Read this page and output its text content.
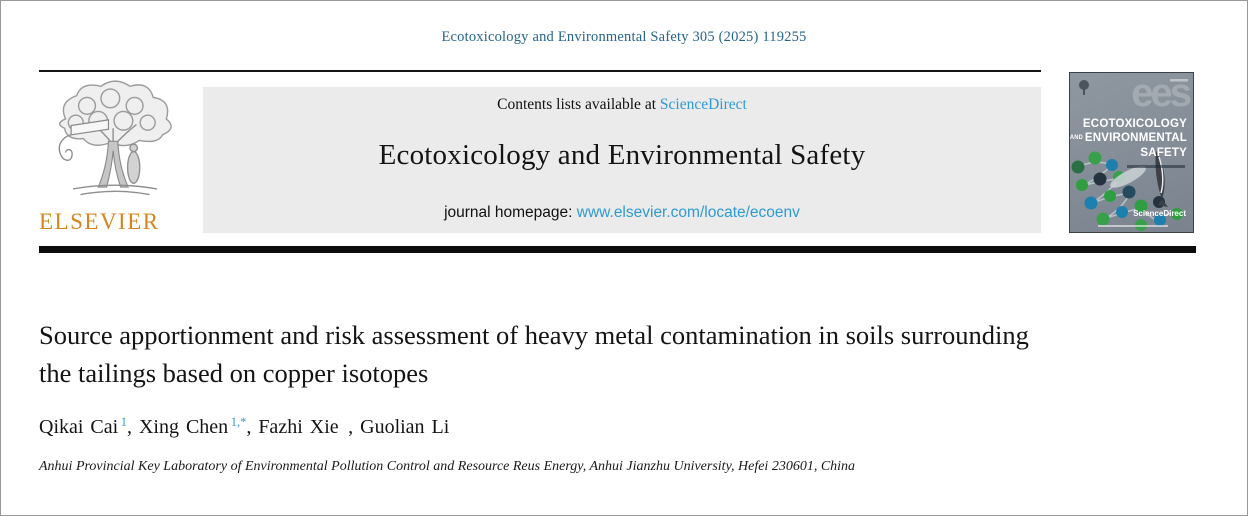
Ecotoxicology and Environmental Safety 305 (2025) 119255
ELSEVIER
Contents lists available at ScienceDirect
Ecotoxicology and Environmental Safety
journal homepage: www.elsevier.com/locate/ecoenv
ees
ECOTOXICOLOGY
AND ENVIRONMENTAL
SAFETY
ScienceDirect
Source apportionment and risk assessment of heavy metal contamination in soils surrounding the tailings based on copper isotopes
Qikai Cai $^1$, Xing Chen $^{1,*}$, Fazhi Xie , Guolian Li
Anhui Provincial Key Laboratory of Environmental Pollution Control and Resource Reus Energy, Anhui Jianzhu University, Hefei 230601, China
